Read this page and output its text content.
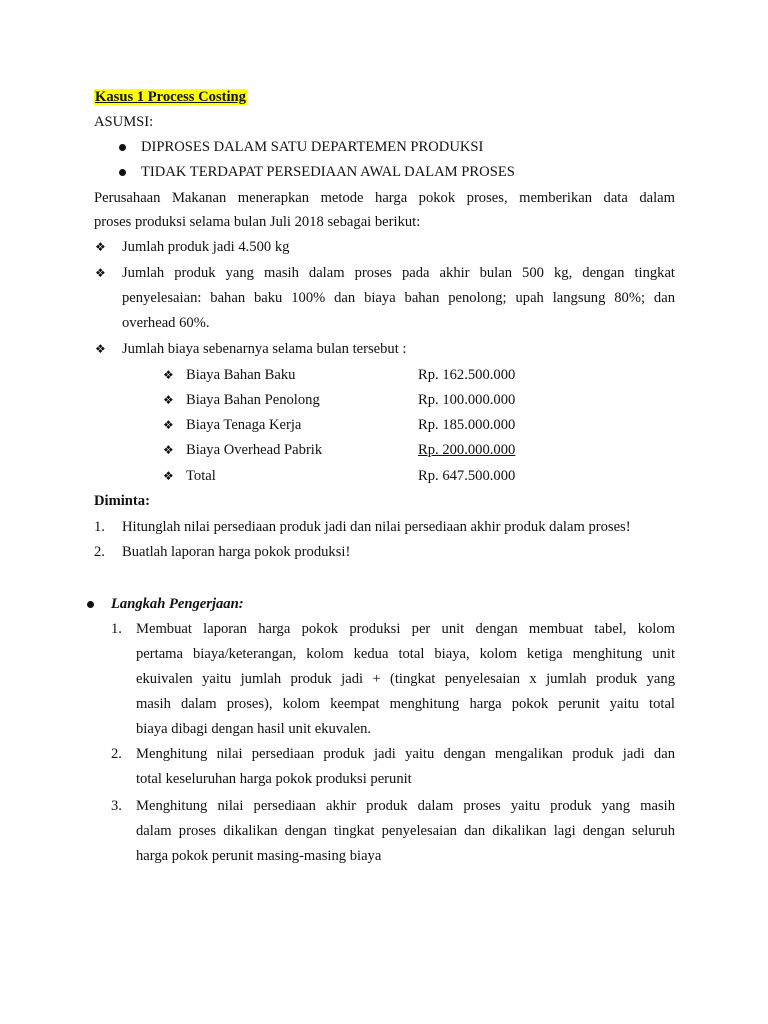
Kasus 1 Process Costing
ASUMSI:
DIPROSES DALAM SATU DEPARTEMEN PRODUKSI
TIDAK TERDAPAT PERSEDIAAN AWAL DALAM PROSES
Perusahaan Makanan menerapkan metode harga pokok proses, memberikan data dalam
proses produksi selama bulan Juli 2018 sebagai berikut:
❖ Jumlah produk jadi 4.500 kg
❖ Jumlah produk yang masih dalam proses pada akhir bulan 500 kg, dengan tingkat
penyelesaian: bahan baku 100% dan biaya bahan penolong; upah langsung 80%; dan
overhead 60%.
❖ Jumlah biaya sebenarnya selama bulan tersebut :
❖ Biaya Bahan Baku	Rp. 162.500.000
❖ Biaya Bahan Penolong	Rp. 100.000.000
❖ Biaya Tenaga Kerja	Rp. 185.000.000
❖ Biaya Overhead Pabrik	Rp. 200.000.000
❖ Total	Rp. 647.500.000
Diminta:
1. Hitunglah nilai persediaan produk jadi dan nilai persediaan akhir produk dalam proses!
2. Buatlah laporan harga pokok produksi!
Langkah Pengerjaan:
1. Membuat laporan harga pokok produksi per unit dengan membuat tabel, kolom
pertama biaya/keterangan, kolom kedua total biaya, kolom ketiga menghitung unit
ekuivalen yaitu jumlah produk jadi + (tingkat penyelesaian x jumlah produk yang
masih dalam proses), kolom keempat menghitung harga pokok perunit yaitu total
biaya dibagi dengan hasil unit ekuvalen.
2. Menghitung nilai persediaan produk jadi yaitu dengan mengalikan produk jadi dan
total keseluruhan harga pokok produksi perunit
3. Menghitung nilai persediaan akhir produk dalam proses yaitu produk yang masih
dalam proses dikalikan dengan tingkat penyelesaian dan dikalikan lagi dengan seluruh
harga pokok perunit masing-masing biaya
